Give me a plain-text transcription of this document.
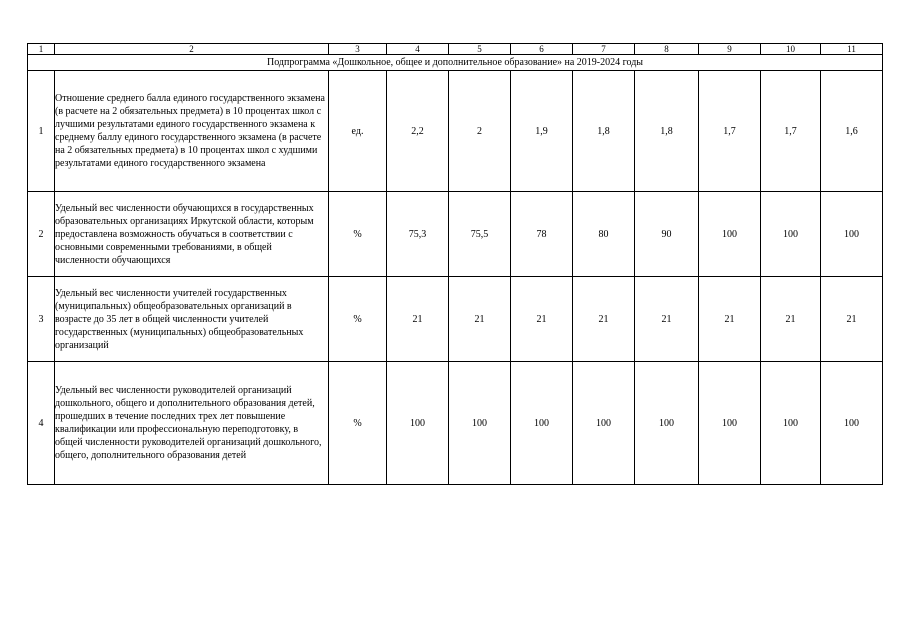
1	2	3	4	5	6	7	8	9	10	11
Подпрограмма «Дошкольное, общее и дополнительное образование» на 2019-2024 годы										
1	Отношение среднего балла единого государственного экзамена (в расчете на 2 обязательных предмета) в 10 процентах школ с лучшими результатами единого государственного экзамена к среднему баллу единого государственного экзамена (в расчете на 2 обязательных предмета) в 10 процентах школ с худшими результатами единого государственного экзамена	ед.	2,2	2	1,9	1,8	1,8	1,7	1,7	1,6
2	Удельный вес численности обучающихся в государственных образовательных организациях Иркутской области, которым предоставлена возможность обучаться в соответствии с основными современными требованиями, в общей численности обучающихся	%	75,3	75,5	78	80	90	100	100	100
3	Удельный вес численности учителей государственных (муниципальных) общеобразовательных организаций в возрасте до 35 лет в общей численности учителей государственных (муниципальных) общеобразовательных организаций	%	21	21	21	21	21	21	21	21
4	Удельный вес численности руководителей организаций дошкольного, общего и дополнительного образования детей, прошедших в течение последних трех лет повышение квалификации или профессиональную переподготовку, в общей численности руководителей организаций дошкольного, общего, дополнительного образования детей	%	100	100	100	100	100	100	100	100
